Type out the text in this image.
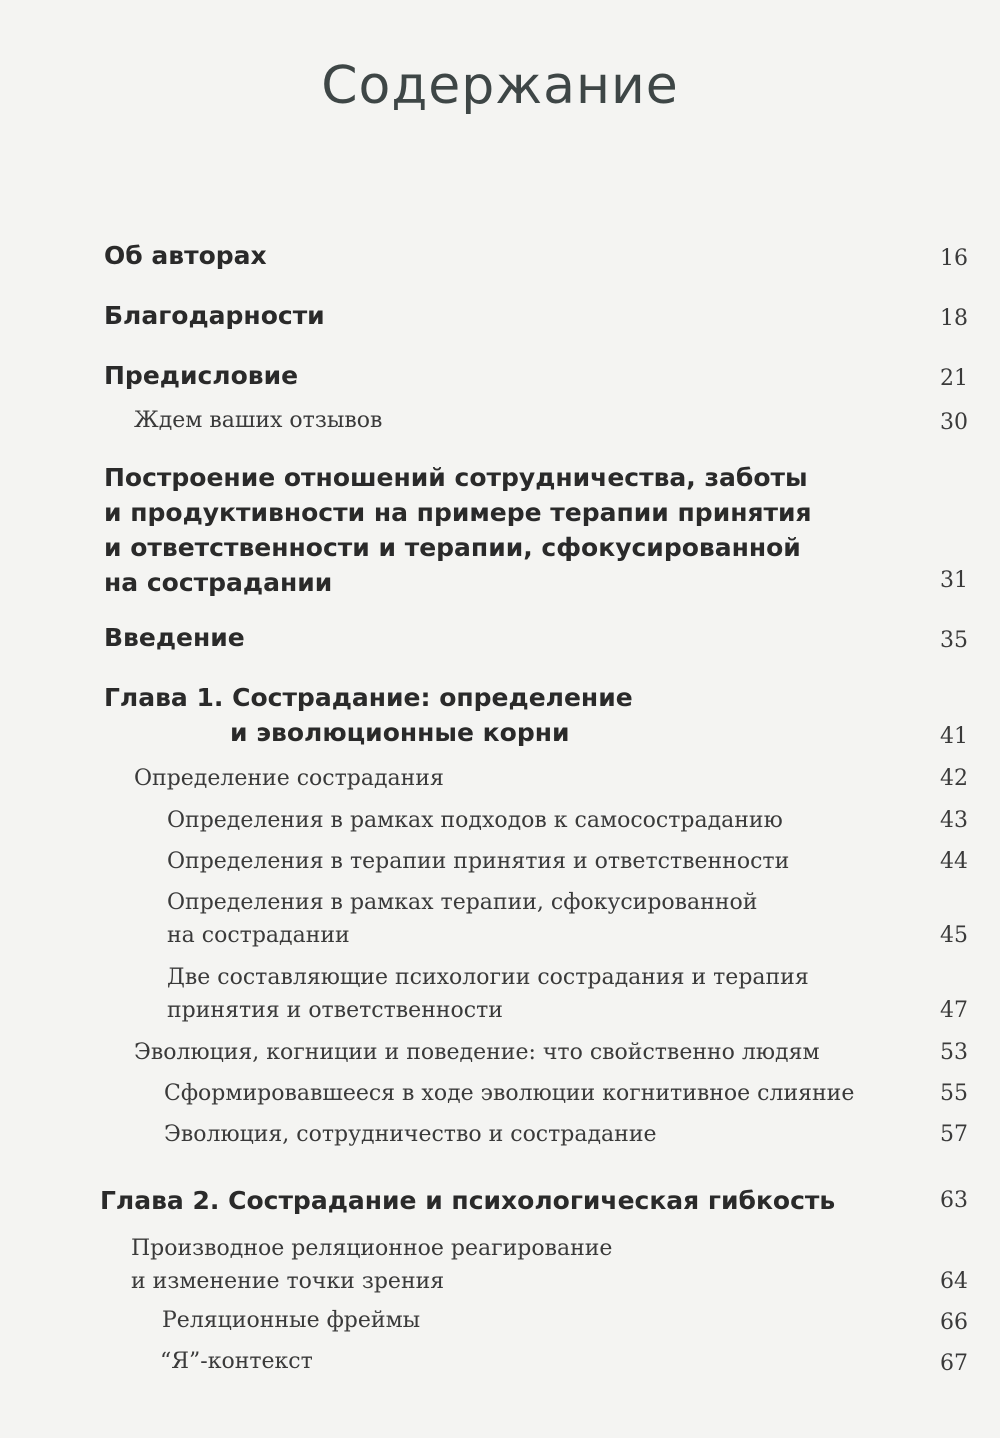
Содержание
Об авторах	16
Благодарности	18
Предисловие	21
Ждем ваших отзывов	30
Построение отношений сотрудничества, заботы
и продуктивности на примере терапии принятия
и ответственности и терапии, сфокусированной
на сострадании	31
Введение	35
Глава 1. Сострадание: определение
и эволюционные корни	41
Определение сострадания	42
Определения в рамках подходов к самосостраданию	43
Определения в терапии принятия и ответственности	44
Определения в рамках терапии, сфокусированной
на сострадании	45
Две составляющие психологии сострадания и терапия
принятия и ответственности	47
Эволюция, когниции и поведение: что свойственно людям	53
Сформировавшееся в ходе эволюции когнитивное слияние	55
Эволюция, сотрудничество и сострадание	57
Глава 2. Сострадание и психологическая гибкость	63
Производное реляционное реагирование
и изменение точки зрения	64
Реляционные фреймы	66
“Я”-контекст	67
